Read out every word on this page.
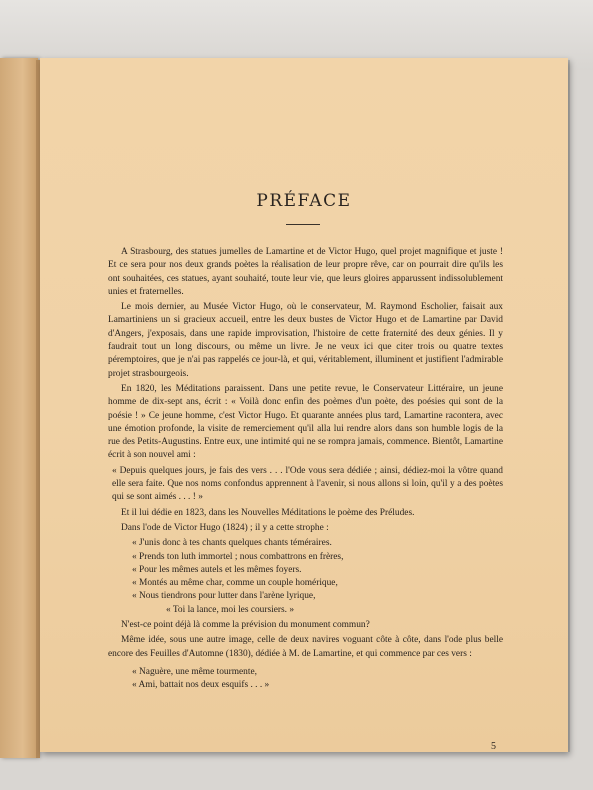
PRÉFACE

A Strasbourg, des statues jumelles de Lamartine et de Victor Hugo, quel projet magnifique et juste ! Et ce sera pour nos deux grands poètes la réalisation de leur propre rêve, car on pourrait dire qu'ils les ont souhaitées, ces statues, ayant souhaité, toute leur vie, que leurs gloires apparussent indissolublement unies et fraternelles.

Le mois dernier, au Musée Victor Hugo, où le conservateur, M. Raymond Escholier, faisait aux Lamartiniens un si gracieux accueil, entre les deux bustes de Victor Hugo et de Lamartine par David d'Angers, j'exposais, dans une rapide improvisation, l'histoire de cette fraternité des deux génies. Il y faudrait tout un long discours, ou même un livre. Je ne veux ici que citer trois ou quatre textes péremptoires, que je n'ai pas rappelés ce jour-là, et qui, véritablement, illuminent et justifient l'admirable projet strasbourgeois.

En 1820, les Méditations paraissent. Dans une petite revue, le Conservateur Littéraire, un jeune homme de dix-sept ans, écrit : « Voilà donc enfin des poèmes d'un poète, des poésies qui sont de la poésie ! » Ce jeune homme, c'est Victor Hugo. Et quarante années plus tard, Lamartine racontera, avec une émotion profonde, la visite de remerciement qu'il alla lui rendre alors dans son humble logis de la rue des Petits-Augustins. Entre eux, une intimité qui ne se rompra jamais, commence. Bientôt, Lamartine écrit à son nouvel ami :

« Depuis quelques jours, je fais des vers . . . l'Ode vous sera dédiée ; ainsi, dédiez-moi la vôtre quand elle sera faite. Que nos noms confondus apprennent à l'avenir, si nous allons si loin, qu'il y a des poètes qui se sont aimés . . . ! »

Et il lui dédie en 1823, dans les Nouvelles Méditations le poème des Préludes.

Dans l'ode de Victor Hugo (1824) ; il y a cette strophe :

« J'unis donc à tes chants quelques chants téméraires.
« Prends ton luth immortel ; nous combattrons en frères,
« Pour les mêmes autels et les mêmes foyers.
« Montés au même char, comme un couple homérique,
« Nous tiendrons pour lutter dans l'arène lyrique,
« Toi la lance, moi les coursiers. »

N'est-ce point déjà là comme la prévision du monument commun?

Même idée, sous une autre image, celle de deux navires voguant côte à côte, dans l'ode plus belle encore des Feuilles d'Automne (1830), dédiée à M. de Lamartine, et qui commence par ces vers :

« Naguère, une même tourmente,
« Ami, battait nos deux esquifs . . . »
5
